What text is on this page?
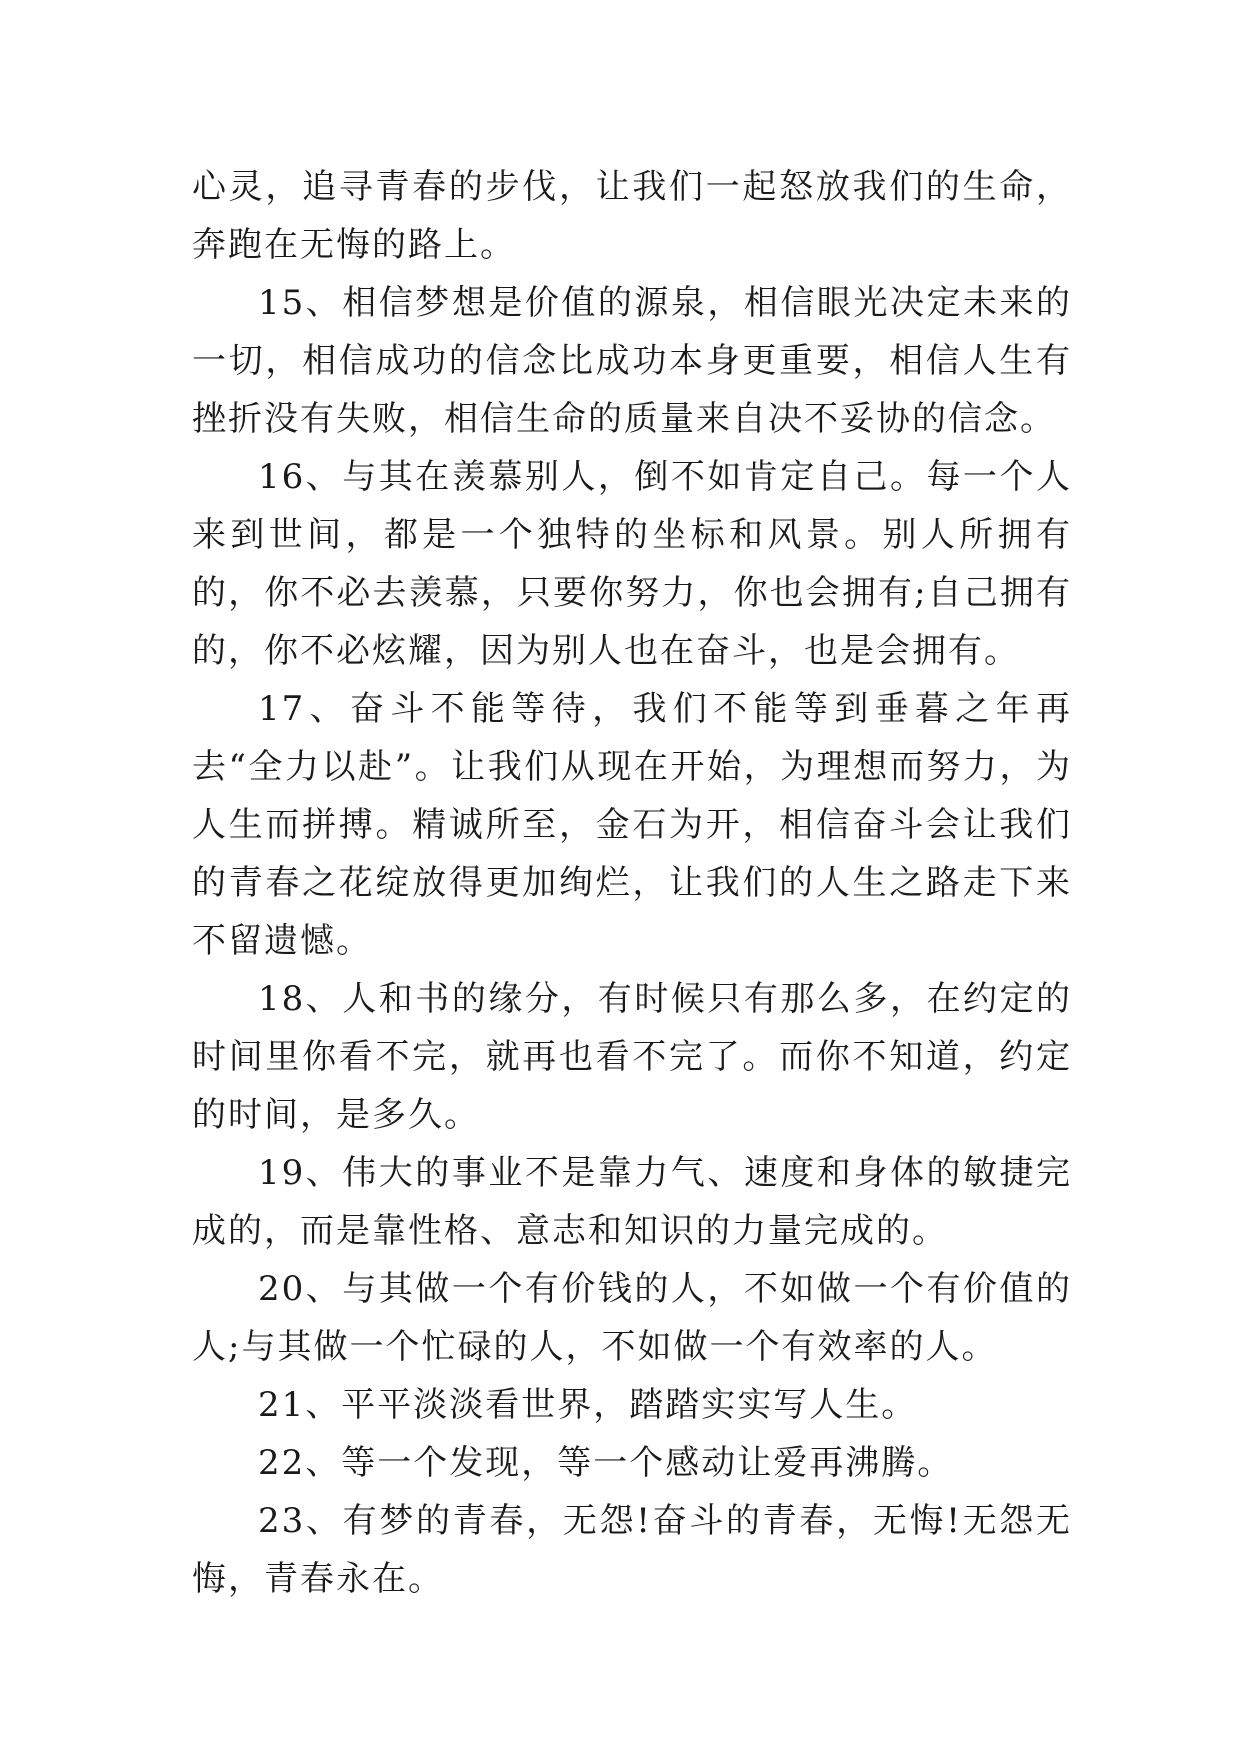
心灵，追寻青春的步伐，让我们一起怒放我们的生命，奔跑在无悔的路上。

15、相信梦想是价值的源泉，相信眼光决定未来的一切，相信成功的信念比成功本身更重要，相信人生有挫折没有失败，相信生命的质量来自决不妥协的信念。

16、与其在羡慕别人，倒不如肯定自己。每一个人来到世间，都是一个独特的坐标和风景。别人所拥有的，你不必去羡慕，只要你努力，你也会拥有;自己拥有的，你不必炫耀，因为别人也在奋斗，也是会拥有。

17、奋斗不能等待，我们不能等到垂暮之年再去“全力以赴”。让我们从现在开始，为理想而努力，为人生而拼搏。精诚所至，金石为开，相信奋斗会让我们的青春之花绽放得更加绚烂，让我们的人生之路走下来不留遗憾。

18、人和书的缘分，有时候只有那么多，在约定的时间里你看不完，就再也看不完了。而你不知道，约定的时间，是多久。

19、伟大的事业不是靠力气、速度和身体的敏捷完成的，而是靠性格、意志和知识的力量完成的。

20、与其做一个有价钱的人，不如做一个有价值的人;与其做一个忙碌的人，不如做一个有效率的人。

21、平平淡淡看世界，踏踏实实写人生。

22、等一个发现，等一个感动让爱再沸腾。

23、有梦的青春，无怨!奋斗的青春，无悔!无怨无悔，青春永在。
